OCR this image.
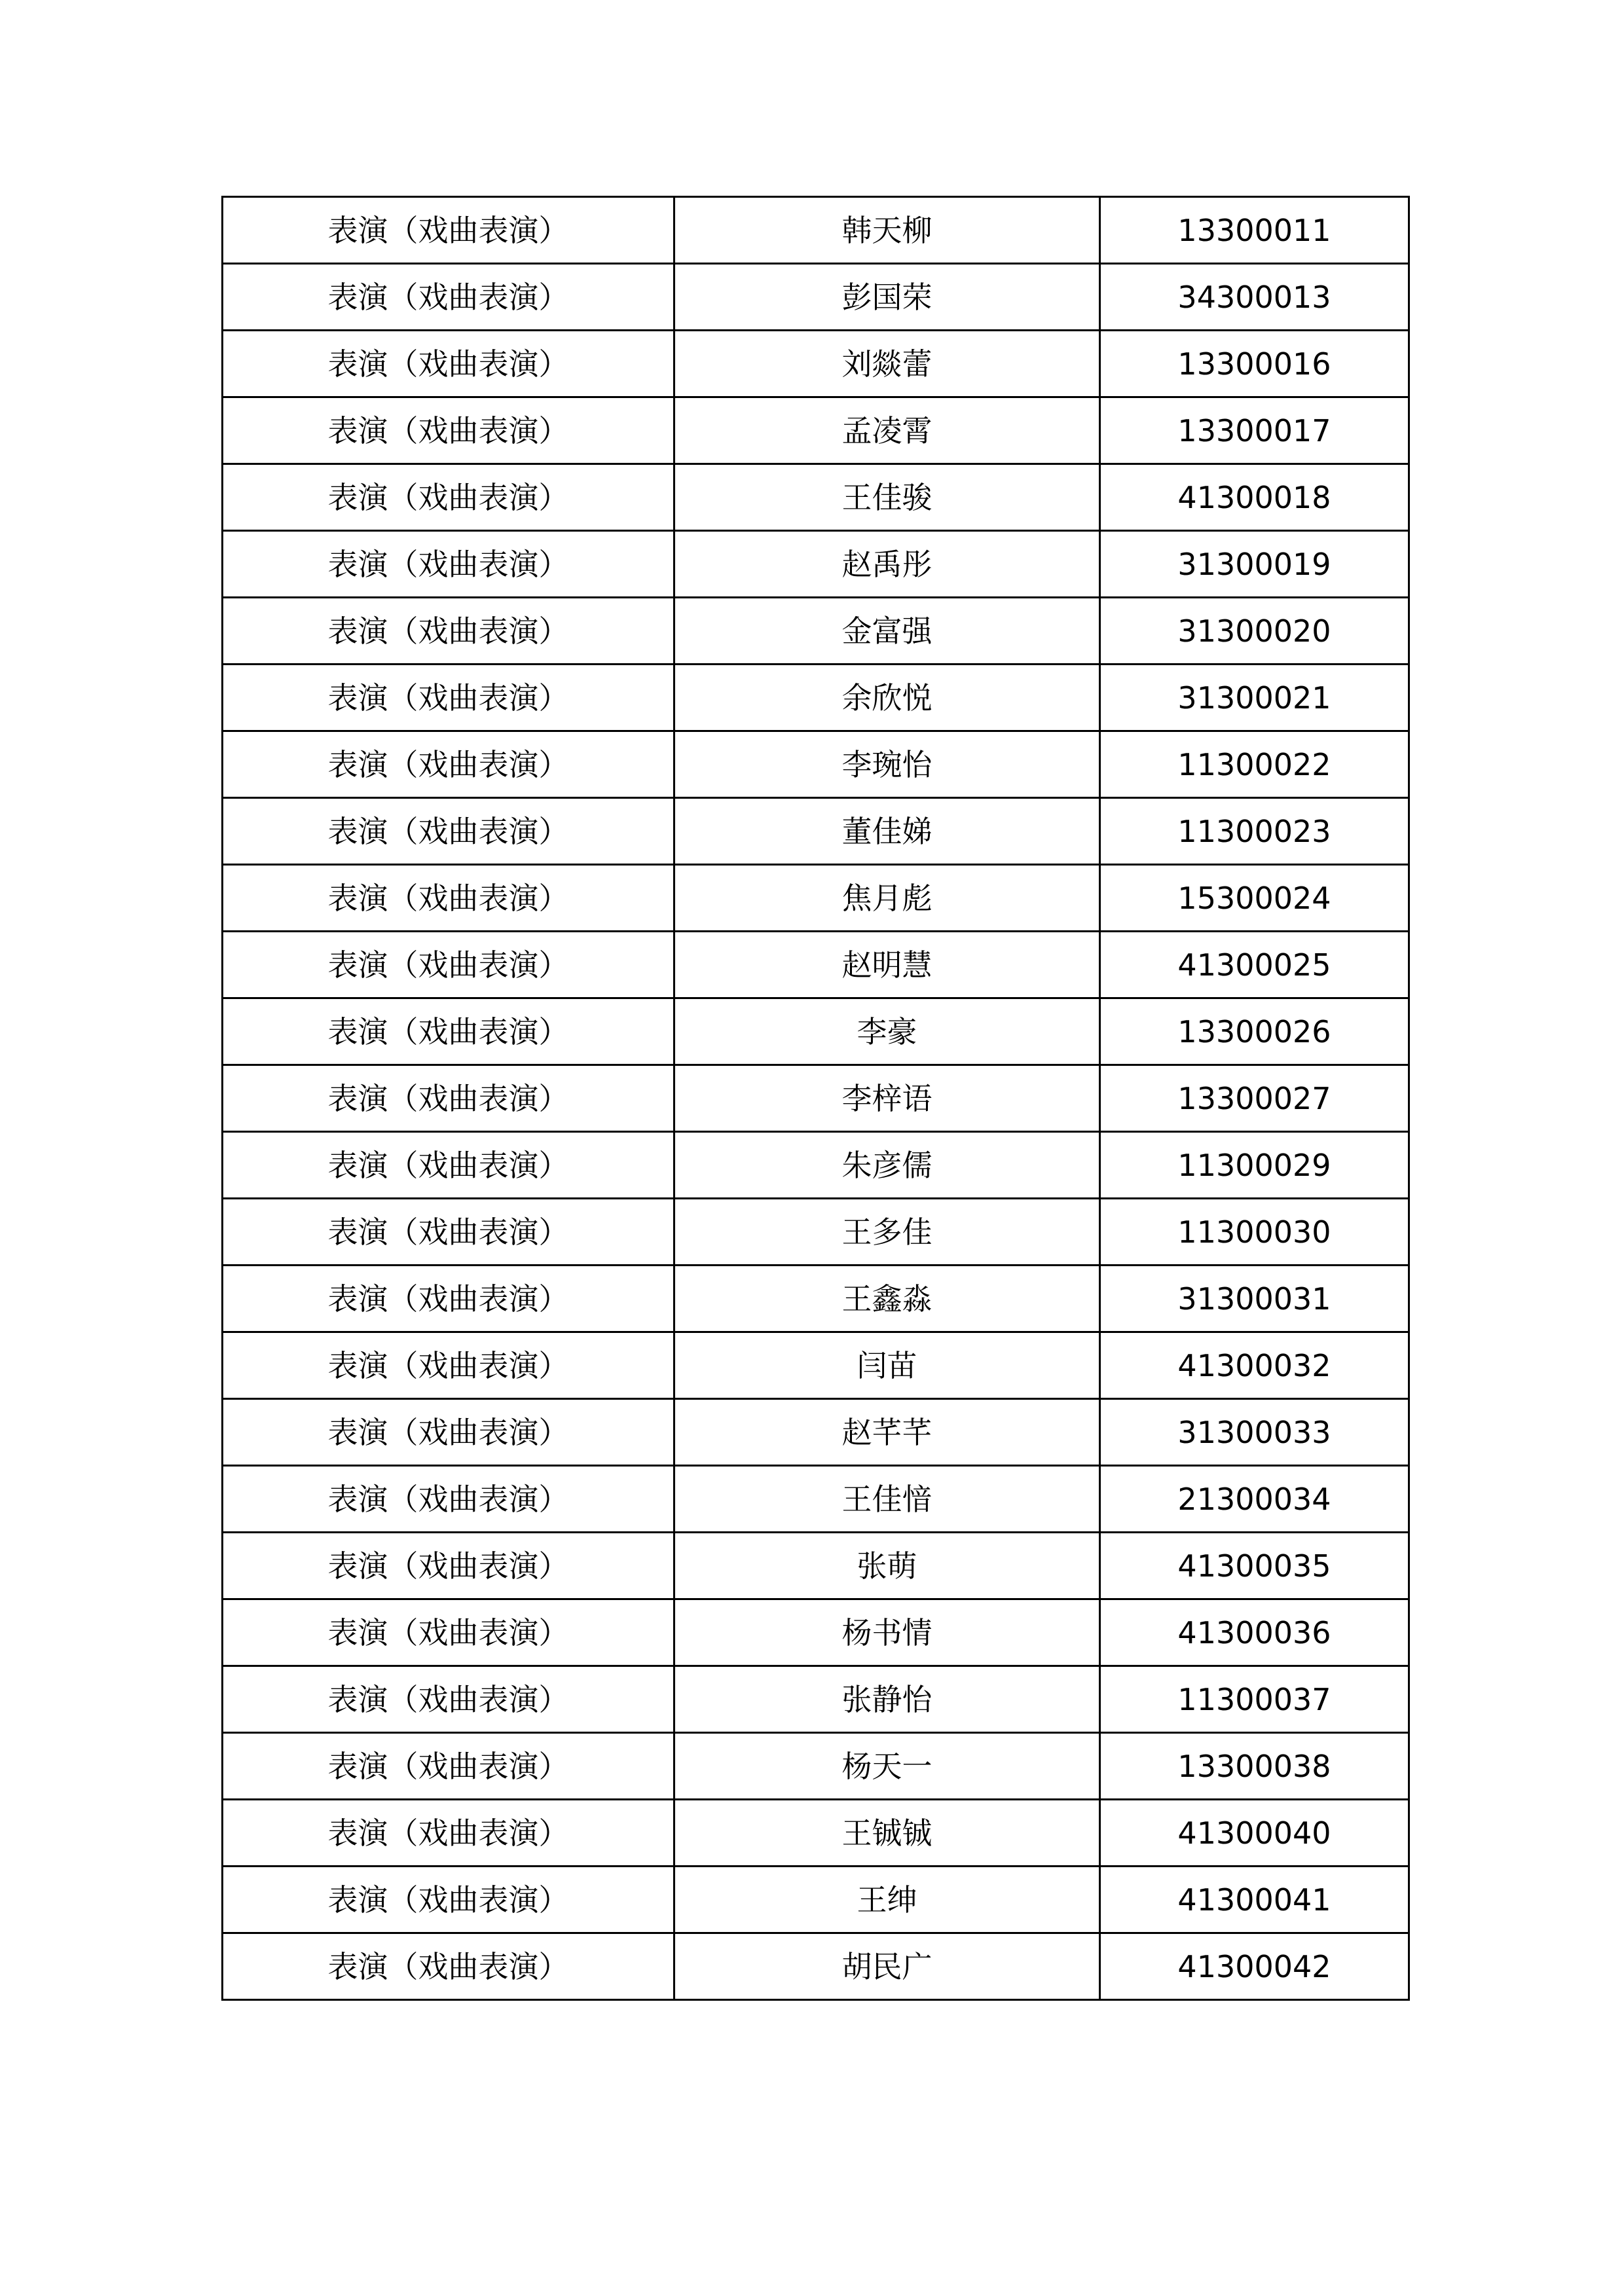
表演（戏曲表演）	韩天柳	13300011
表演（戏曲表演）	彭国荣	34300013
表演（戏曲表演）	刘燚蕾	13300016
表演（戏曲表演）	孟凌霄	13300017
表演（戏曲表演）	王佳骏	41300018
表演（戏曲表演）	赵禹彤	31300019
表演（戏曲表演）	金富强	31300020
表演（戏曲表演）	余欣悦	31300021
表演（戏曲表演）	李琬怡	11300022
表演（戏曲表演）	董佳娣	11300023
表演（戏曲表演）	焦月彪	15300024
表演（戏曲表演）	赵明慧	41300025
表演（戏曲表演）	李豪	13300026
表演（戏曲表演）	李梓语	13300027
表演（戏曲表演）	朱彦儒	11300029
表演（戏曲表演）	王多佳	11300030
表演（戏曲表演）	王鑫淼	31300031
表演（戏曲表演）	闫苗	41300032
表演（戏曲表演）	赵芊芊	31300033
表演（戏曲表演）	王佳愔	21300034
表演（戏曲表演）	张萌	41300035
表演（戏曲表演）	杨书情	41300036
表演（戏曲表演）	张静怡	11300037
表演（戏曲表演）	杨天一	13300038
表演（戏曲表演）	王铖铖	41300040
表演（戏曲表演）	王绅	41300041
表演（戏曲表演）	胡民广	41300042
